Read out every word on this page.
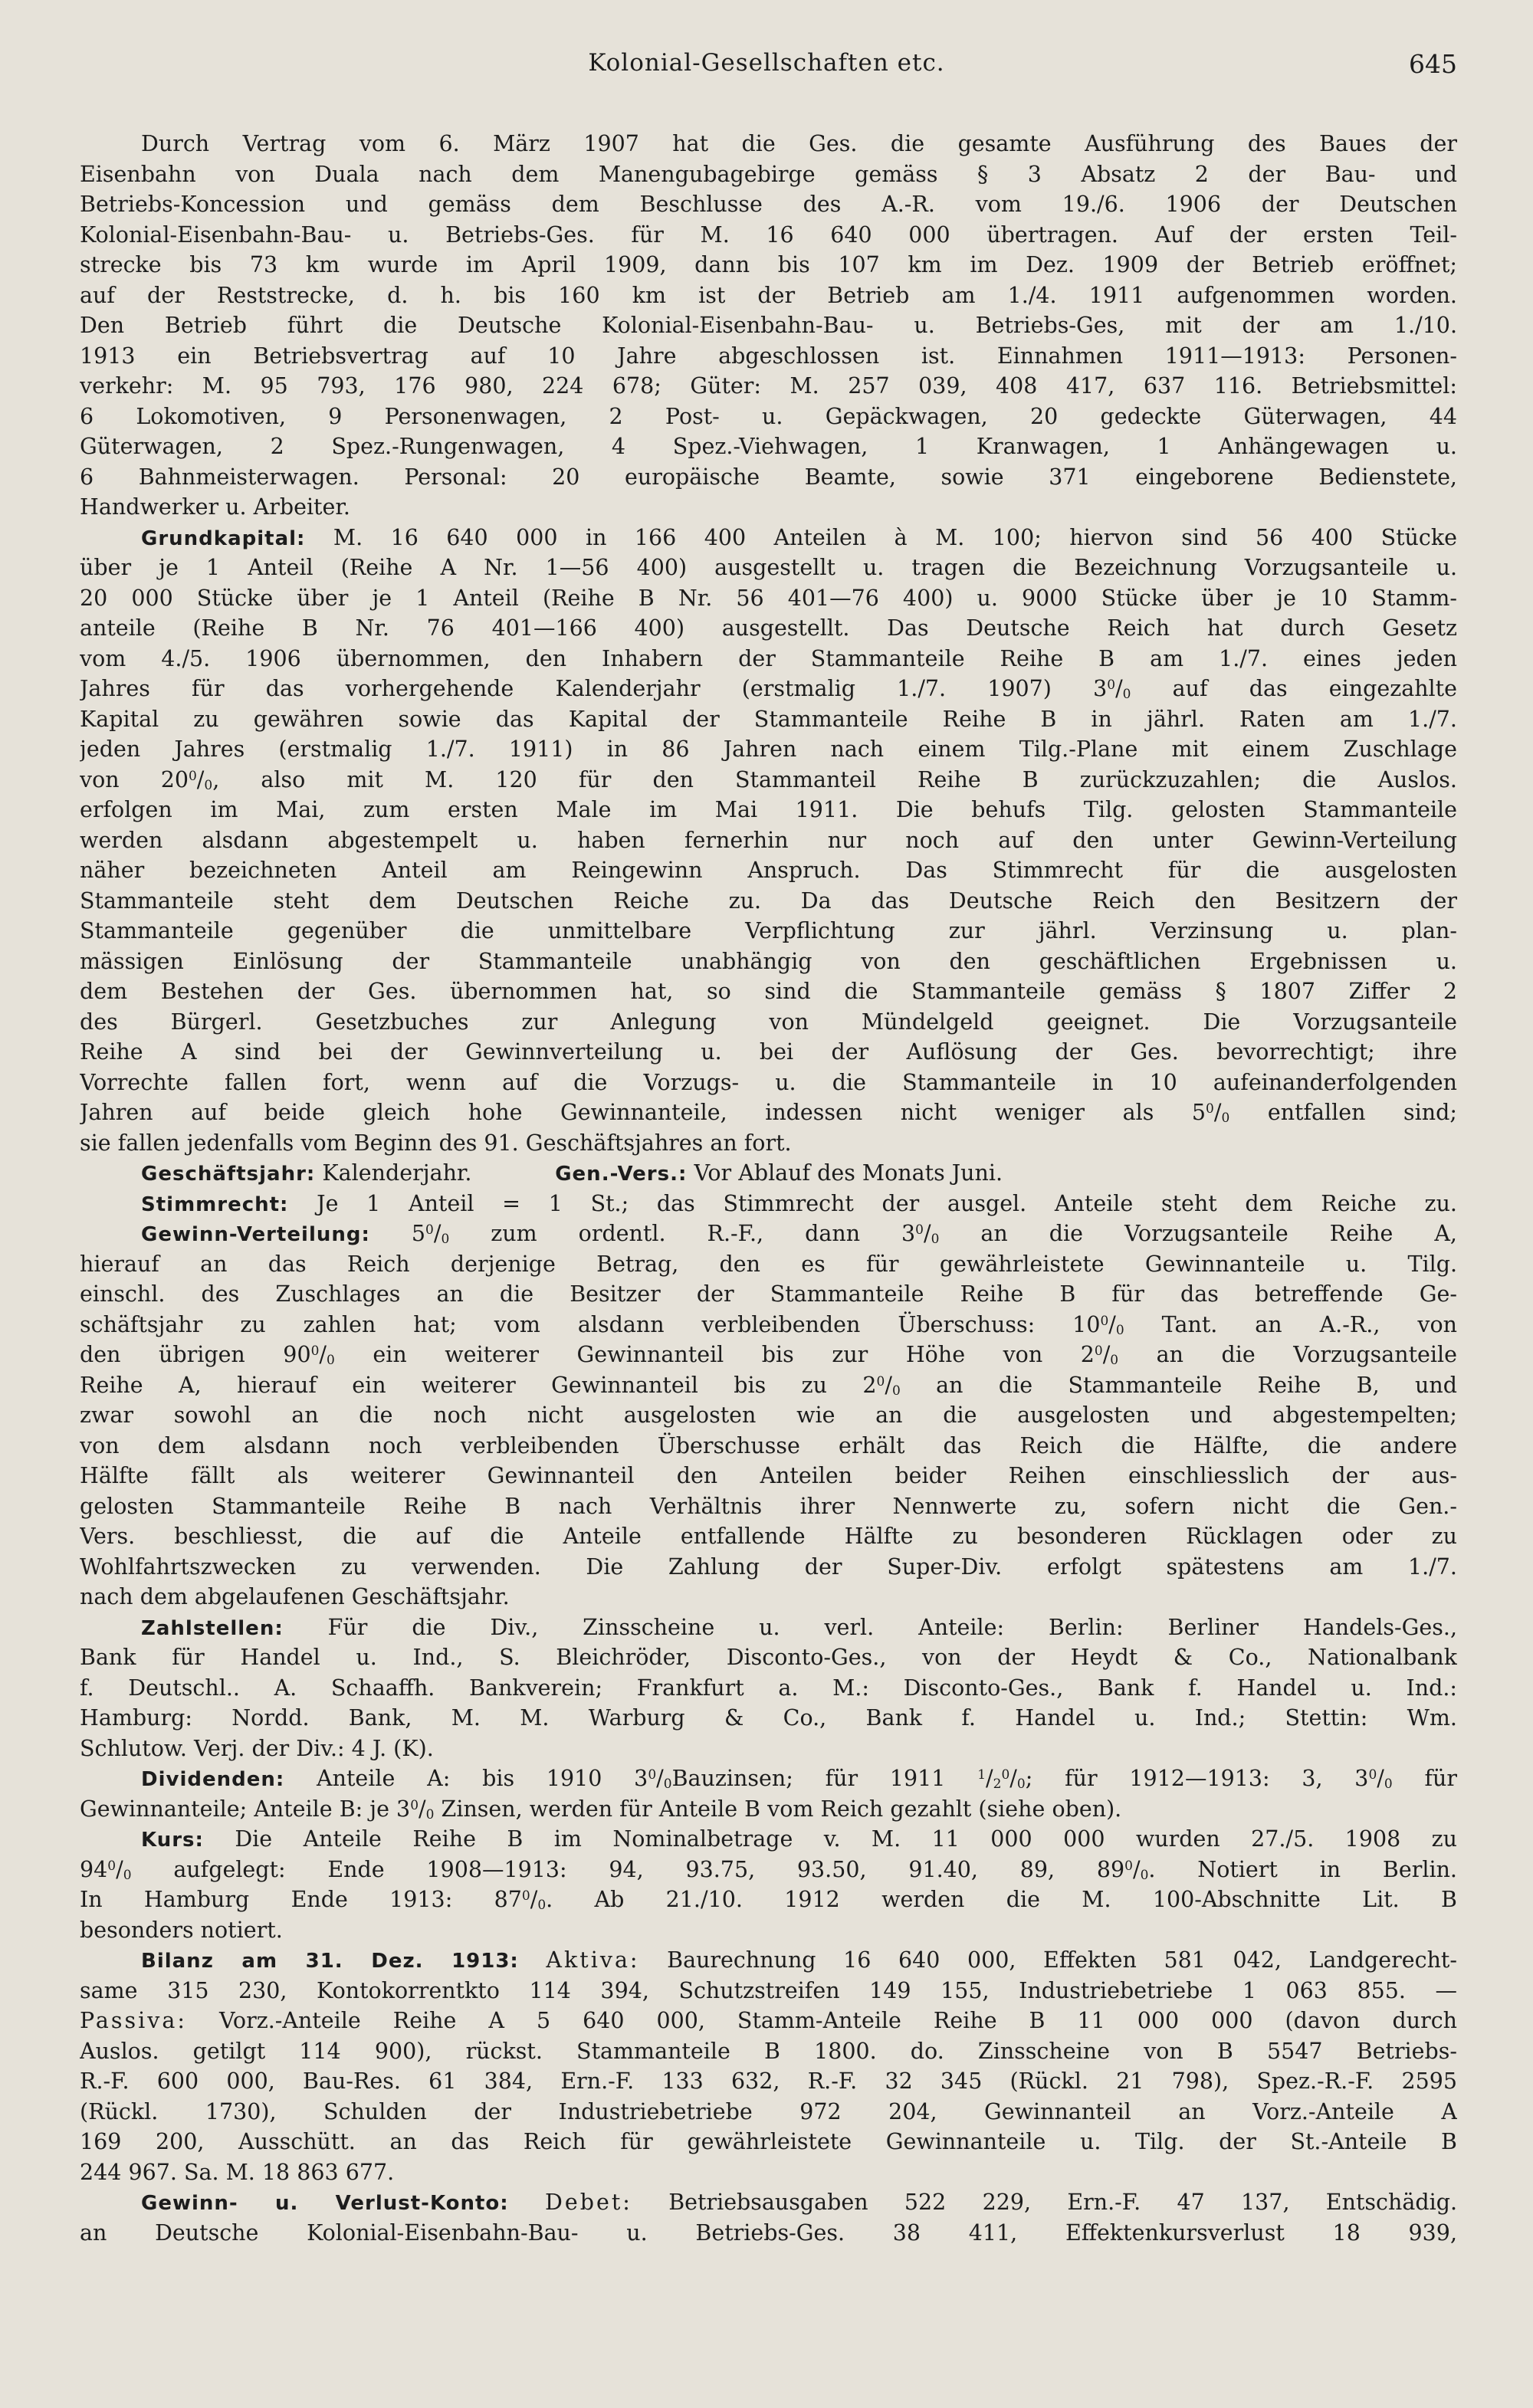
Kolonial-Gesellschaften etc.	645
Durch Vertrag vom 6. März 1907 hat die Ges. die gesamte Ausführung des Baues der
Eisenbahn von Duala nach dem Manengubagebirge gemäss § 3 Absatz 2 der Bau- und
Betriebs-Koncession und gemäss dem Beschlusse des A.-R. vom 19./6. 1906 der Deutschen
Kolonial-Eisenbahn-Bau- u. Betriebs-Ges. für M. 16 640 000 übertragen. Auf der ersten Teil-
strecke bis 73 km wurde im April 1909, dann bis 107 km im Dez. 1909 der Betrieb eröffnet;
auf der Reststrecke, d. h. bis 160 km ist der Betrieb am 1./4. 1911 aufgenommen worden.
Den Betrieb führt die Deutsche Kolonial-Eisenbahn-Bau- u. Betriebs-Ges, mit der am 1./10.
1913 ein Betriebsvertrag auf 10 Jahre abgeschlossen ist. Einnahmen 1911—1913: Personen-
verkehr: M. 95 793, 176 980, 224 678; Güter: M. 257 039, 408 417, 637 116. Betriebsmittel:
6 Lokomotiven, 9 Personenwagen, 2 Post- u. Gepäckwagen, 20 gedeckte Güterwagen, 44
Güterwagen, 2 Spez.-Rungenwagen, 4 Spez.-Viehwagen, 1 Kranwagen, 1 Anhängewagen u.
6 Bahnmeisterwagen. Personal: 20 europäische Beamte, sowie 371 eingeborene Bedienstete,
Handwerker u. Arbeiter.
Grundkapital: M. 16 640 000 in 166 400 Anteilen à M. 100; hiervon sind 56 400 Stücke
über je 1 Anteil (Reihe A Nr. 1—56 400) ausgestellt u. tragen die Bezeichnung Vorzugsanteile u.
20 000 Stücke über je 1 Anteil (Reihe B Nr. 56 401—76 400) u. 9000 Stücke über je 10 Stamm-
anteile (Reihe B Nr. 76 401—166 400) ausgestellt. Das Deutsche Reich hat durch Gesetz
vom 4./5. 1906 übernommen, den Inhabern der Stammanteile Reihe B am 1./7. eines jeden
Jahres für das vorhergehende Kalenderjahr (erstmalig 1./7. 1907) $3^0/_0$ auf das eingezahlte
Kapital zu gewähren sowie das Kapital der Stammanteile Reihe B in jährl. Raten am 1./7.
jeden Jahres (erstmalig 1./7. 1911) in 86 Jahren nach einem Tilg.-Plane mit einem Zuschlage
von $20^0/_0$, also mit M. 120 für den Stammanteil Reihe B zurückzuzahlen; die Auslos.
erfolgen im Mai, zum ersten Male im Mai 1911. Die behufs Tilg. gelosten Stammanteile
werden alsdann abgestempelt u. haben fernerhin nur noch auf den unter Gewinn-Verteilung
näher bezeichneten Anteil am Reingewinn Anspruch. Das Stimmrecht für die ausgelosten
Stammanteile steht dem Deutschen Reiche zu. Da das Deutsche Reich den Besitzern der
Stammanteile gegenüber die unmittelbare Verpflichtung zur jährl. Verzinsung u. plan-
mässigen Einlösung der Stammanteile unabhängig von den geschäftlichen Ergebnissen u.
dem Bestehen der Ges. übernommen hat, so sind die Stammanteile gemäss § 1807 Ziffer 2
des Bürgerl. Gesetzbuches zur Anlegung von Mündelgeld geeignet. Die Vorzugsanteile
Reihe A sind bei der Gewinnverteilung u. bei der Auflösung der Ges. bevorrechtigt; ihre
Vorrechte fallen fort, wenn auf die Vorzugs- u. die Stammanteile in 10 aufeinanderfolgenden
Jahren auf beide gleich hohe Gewinnanteile, indessen nicht weniger als $5^0/_0$ entfallen sind;
sie fallen jedenfalls vom Beginn des 91. Geschäftsjahres an fort.
Geschäftsjahr: Kalenderjahr.	Gen.-Vers.: Vor Ablauf des Monats Juni.
Stimmrecht: Je 1 Anteil = 1 St.; das Stimmrecht der ausgel. Anteile steht dem Reiche zu.
Gewinn-Verteilung: $5^0/_0$ zum ordentl. R.-F., dann $3^0/_0$ an die Vorzugsanteile Reihe A,
hierauf an das Reich derjenige Betrag, den es für gewährleistete Gewinnanteile u. Tilg.
einschl. des Zuschlages an die Besitzer der Stammanteile Reihe B für das betreffende Ge-
schäftsjahr zu zahlen hat; vom alsdann verbleibenden Überschuss: $10^0/_0$ Tant. an A.-R., von
den übrigen $90^0/_0$ ein weiterer Gewinnanteil bis zur Höhe von $2^0/_0$ an die Vorzugsanteile
Reihe A, hierauf ein weiterer Gewinnanteil bis zu $2^0/_0$ an die Stammanteile Reihe B, und
zwar sowohl an die noch nicht ausgelosten wie an die ausgelosten und abgestempelten;
von dem alsdann noch verbleibenden Überschusse erhält das Reich die Hälfte, die andere
Hälfte fällt als weiterer Gewinnanteil den Anteilen beider Reihen einschliesslich der aus-
gelosten Stammanteile Reihe B nach Verhältnis ihrer Nennwerte zu, sofern nicht die Gen.-
Vers. beschliesst, die auf die Anteile entfallende Hälfte zu besonderen Rücklagen oder zu
Wohlfahrtszwecken zu verwenden. Die Zahlung der Super-Div. erfolgt spätestens am 1./7.
nach dem abgelaufenen Geschäftsjahr.
Zahlstellen: Für die Div., Zinsscheine u. verl. Anteile: Berlin: Berliner Handels-Ges.,
Bank für Handel u. Ind., S. Bleichröder, Disconto-Ges., von der Heydt & Co., Nationalbank
f. Deutschl.. A. Schaaffh. Bankverein; Frankfurt a. M.: Disconto-Ges., Bank f. Handel u. Ind.:
Hamburg: Nordd. Bank, M. M. Warburg & Co., Bank f. Handel u. Ind.; Stettin: Wm.
Schlutow. Verj. der Div.: 4 J. (K).
Dividenden: Anteile A: bis 1910 $3^0/_0Bauzinsen$; für 1911 $^1/_2^0/_0$; für 1912—1913: 3, $3^0/_0$ für
Gewinnanteile; Anteile B: je $3^0/_0$ Zinsen, werden für Anteile B vom Reich gezahlt (siehe oben).
Kurs: Die Anteile Reihe B im Nominalbetrage v. M. 11 000 000 wurden 27./5. 1908 zu
$94^0/_0$ aufgelegt: Ende 1908—1913: 94, 93.75, 93.50, 91.40, 89, $89^0/_0$. Notiert in Berlin.
In Hamburg Ende 1913: $87^0/_0$. Ab 21./10. 1912 werden die M. 100-Abschnitte Lit. B
besonders notiert.
Bilanz am 31. Dez. 1913: Aktiva: Baurechnung 16 640 000, Effekten 581 042, Landgerecht-
same 315 230, Kontokorrentkto 114 394, Schutzstreifen 149 155, Industriebetriebe 1 063 855. —
Passiva: Vorz.-Anteile Reihe A 5 640 000, Stamm-Anteile Reihe B 11 000 000 (davon durch
Auslos. getilgt 114 900), rückst. Stammanteile B 1800. do. Zinsscheine von B 5547 Betriebs-
R.-F. 600 000, Bau-Res. 61 384, Ern.-F. 133 632, R.-F. 32 345 (Rückl. 21 798), Spez.-R.-F. 2595
(Rückl. 1730), Schulden der Industriebetriebe 972 204, Gewinnanteil an Vorz.-Anteile A
169 200, Ausschütt. an das Reich für gewährleistete Gewinnanteile u. Tilg. der St.-Anteile B
244 967. Sa. M. 18 863 677.
Gewinn- u. Verlust-Konto: Debet: Betriebsausgaben 522 229, Ern.-F. 47 137, Entschädig.
an Deutsche Kolonial-Eisenbahn-Bau- u. Betriebs-Ges. 38 411, Effektenkursverlust 18 939,
